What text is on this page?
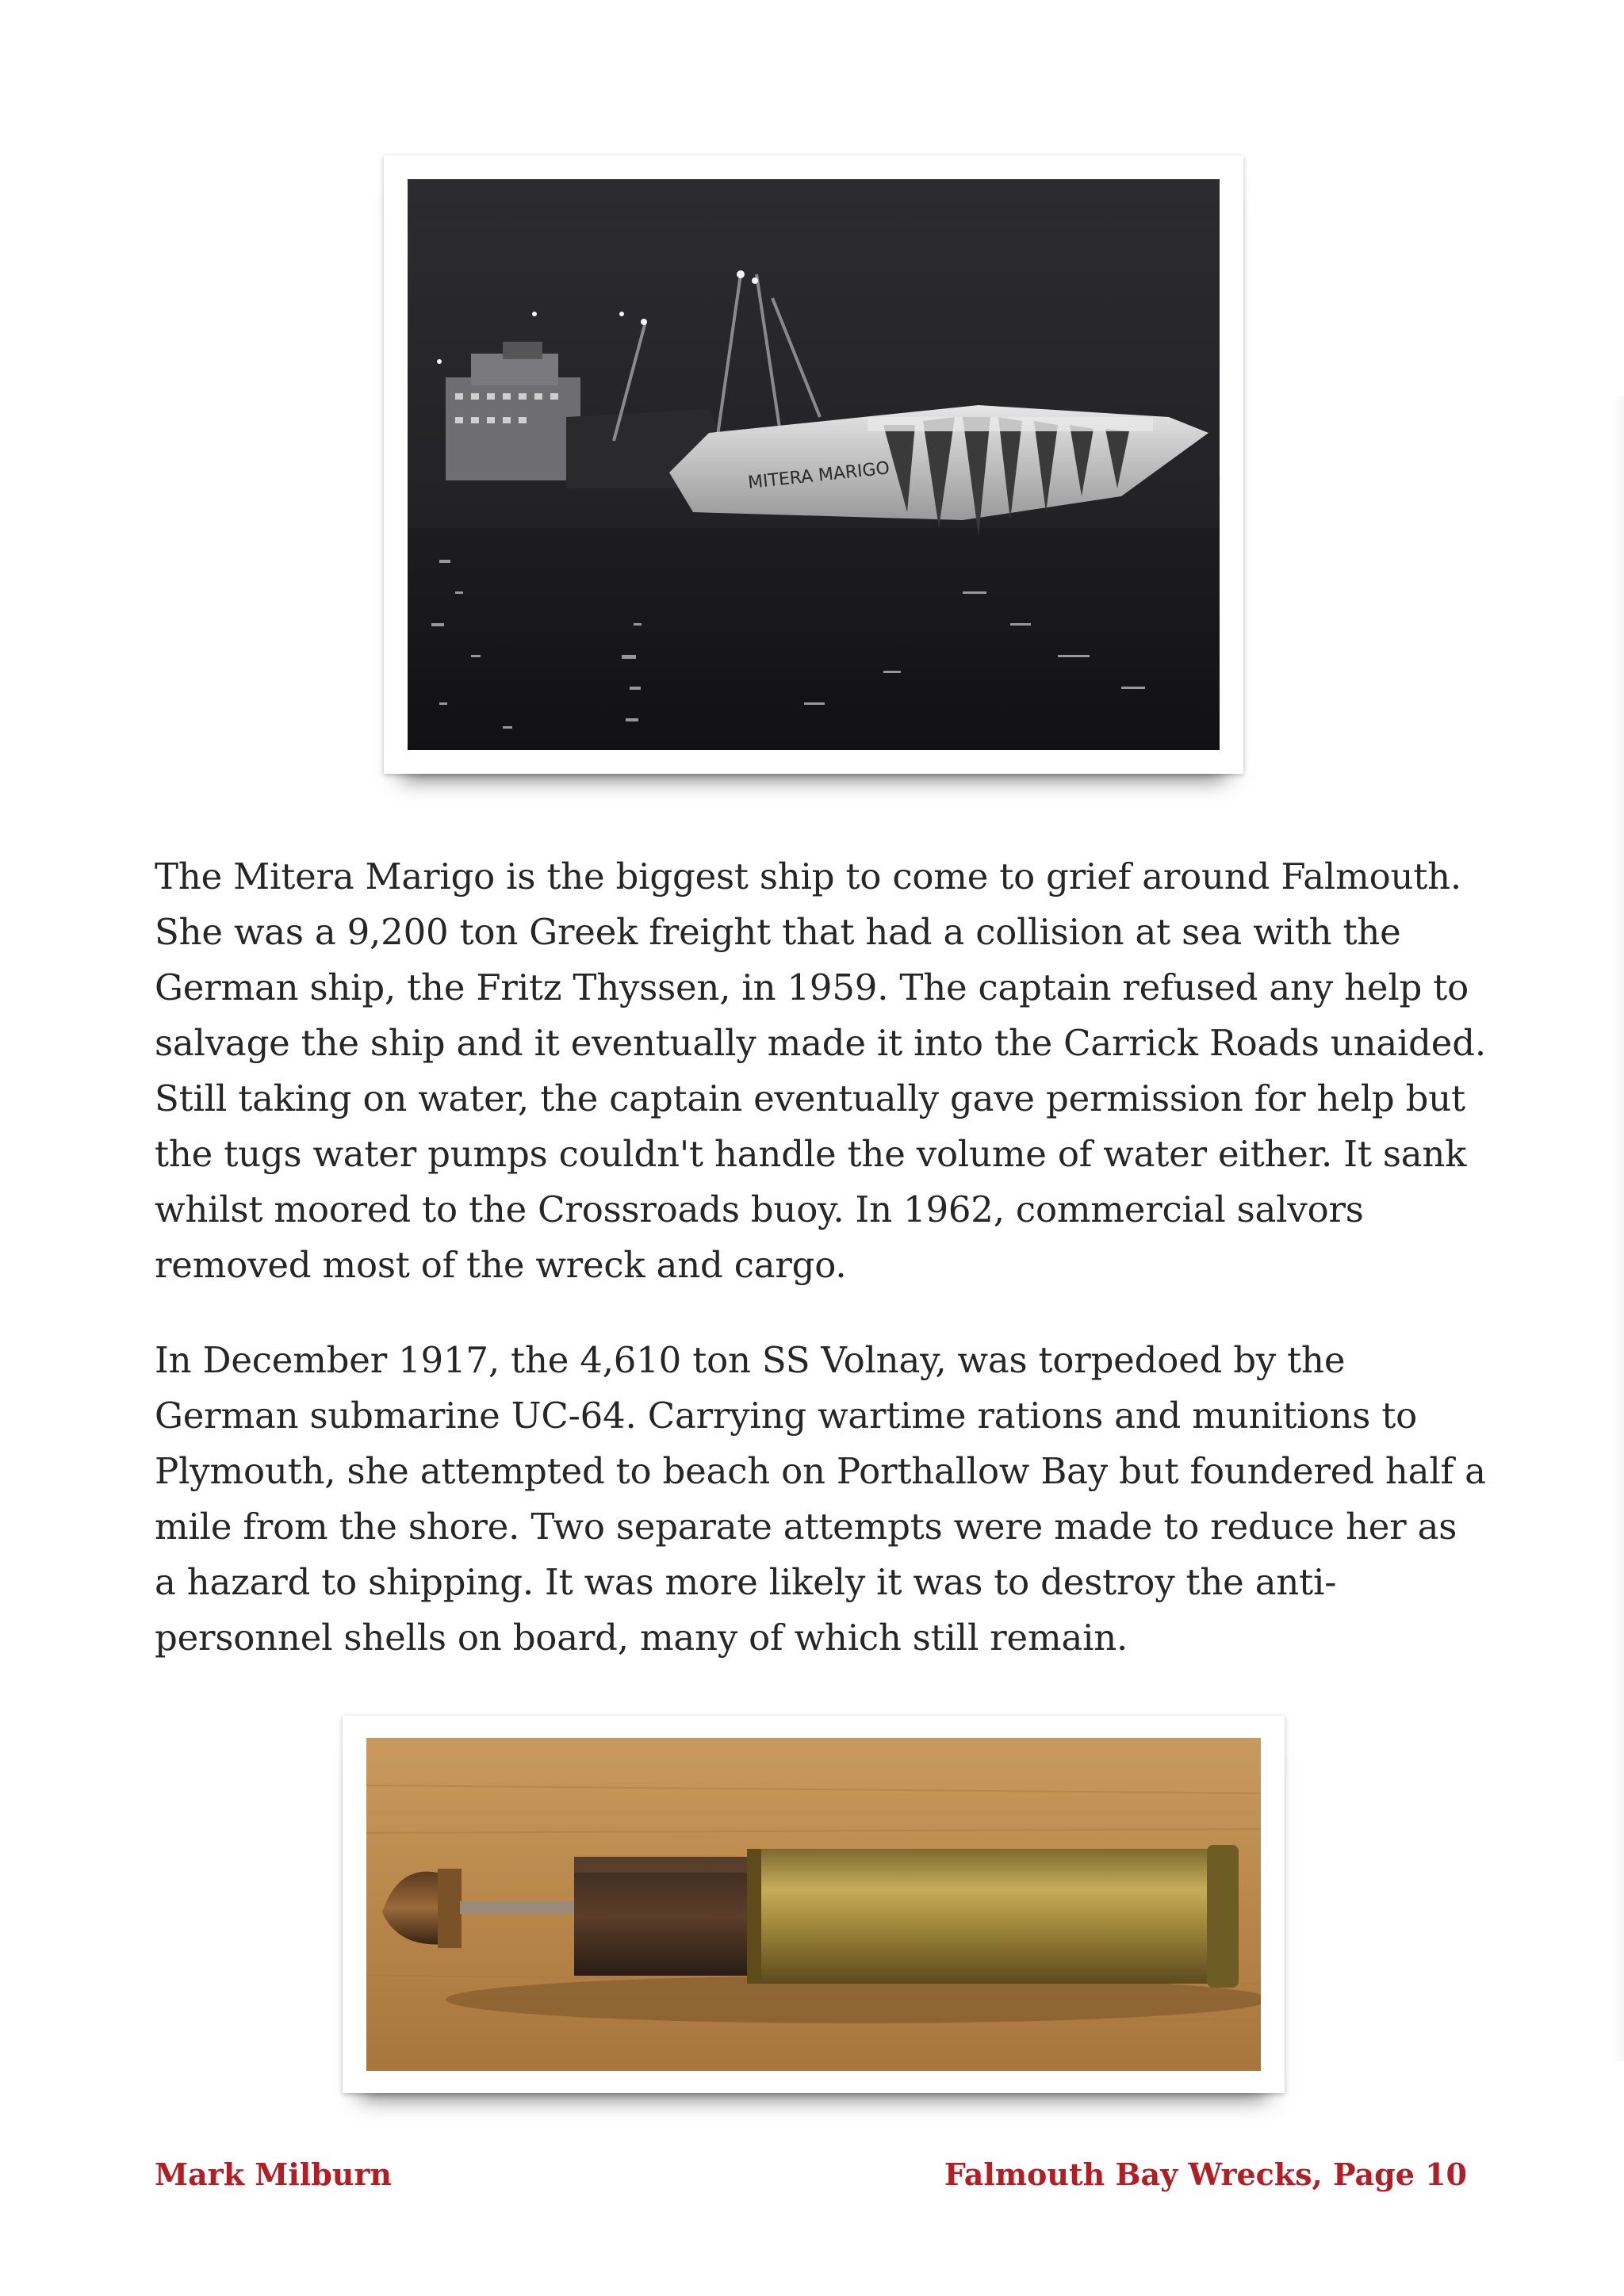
MITERA MARIGO

The Mitera Marigo is the biggest ship to come to grief around Falmouth. She was a 9,200 ton Greek freight that had a collision at sea with the German ship, the Fritz Thyssen, in 1959. The captain refused any help to salvage the ship and it eventually made it into the Carrick Roads unaided. Still taking on water, the captain eventually gave permission for help but the tugs water pumps couldn't handle the volume of water either. It sank whilst moored to the Crossroads buoy. In 1962, commercial salvors removed most of the wreck and cargo.

In December 1917, the 4,610 ton SS Volnay, was torpedoed by the German submarine UC-64. Carrying wartime rations and munitions to Plymouth, she attempted to beach on Porthallow Bay but foundered half a mile from the shore. Two separate attempts were made to reduce her as a hazard to shipping. It was more likely it was to destroy the anti-personnel shells on board, many of which still remain.

Mark Milburn	Falmouth Bay Wrecks, Page 10
